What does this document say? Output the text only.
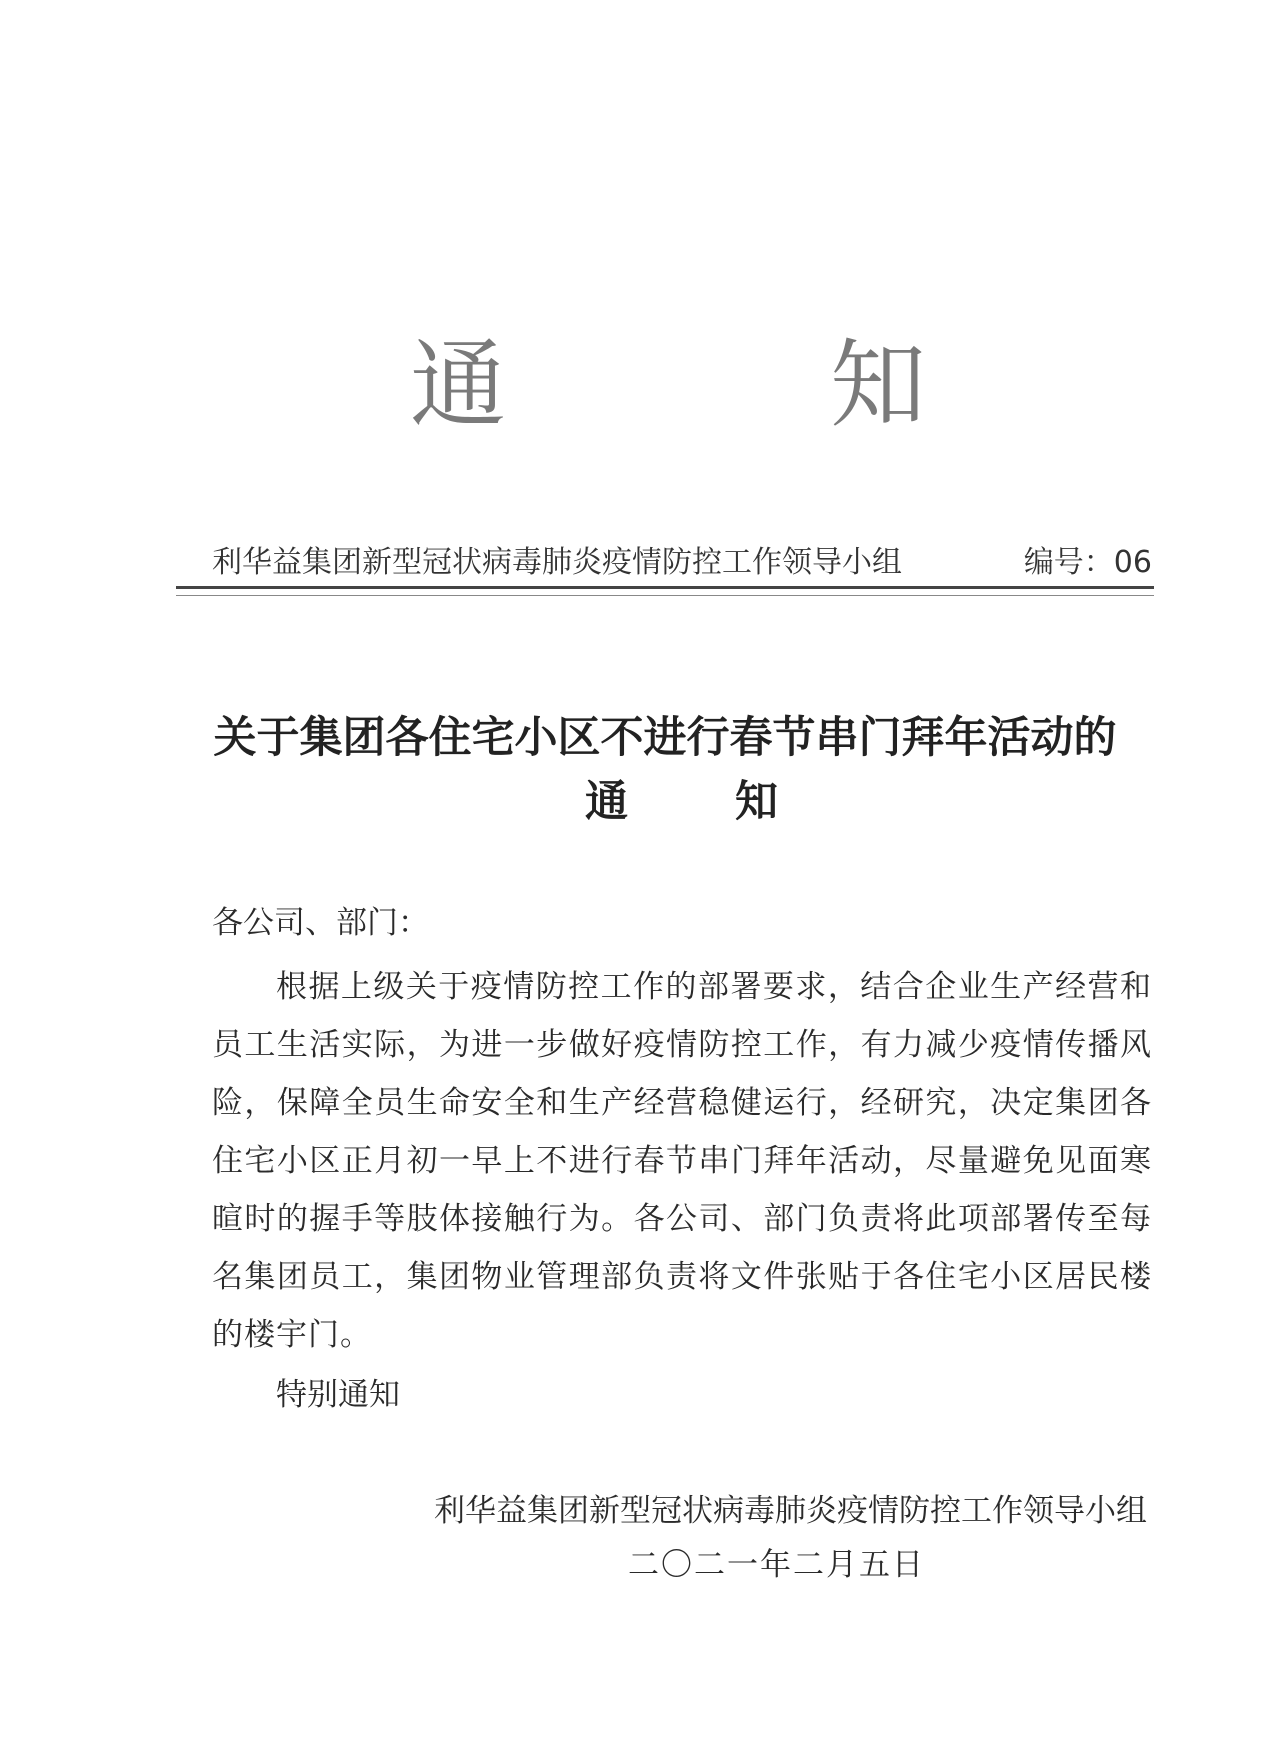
通	知
利华益集团新型冠状病毒肺炎疫情防控工作领导小组	编号：06
关于集团各住宅小区不进行春节串门拜年活动的
通 知
各公司、部门：
根据上级关于疫情防控工作的部署要求，结合企业生产经营和员工生活实际，为进一步做好疫情防控工作，有力减少疫情传播风险，保障全员生命安全和生产经营稳健运行，经研究，决定集团各住宅小区正月初一早上不进行春节串门拜年活动，尽量避免见面寒暄时的握手等肢体接触行为。各公司、部门负责将此项部署传至每名集团员工，集团物业管理部负责将文件张贴于各住宅小区居民楼的楼宇门。
特别通知
利华益集团新型冠状病毒肺炎疫情防控工作领导小组
二〇二一年二月五日
